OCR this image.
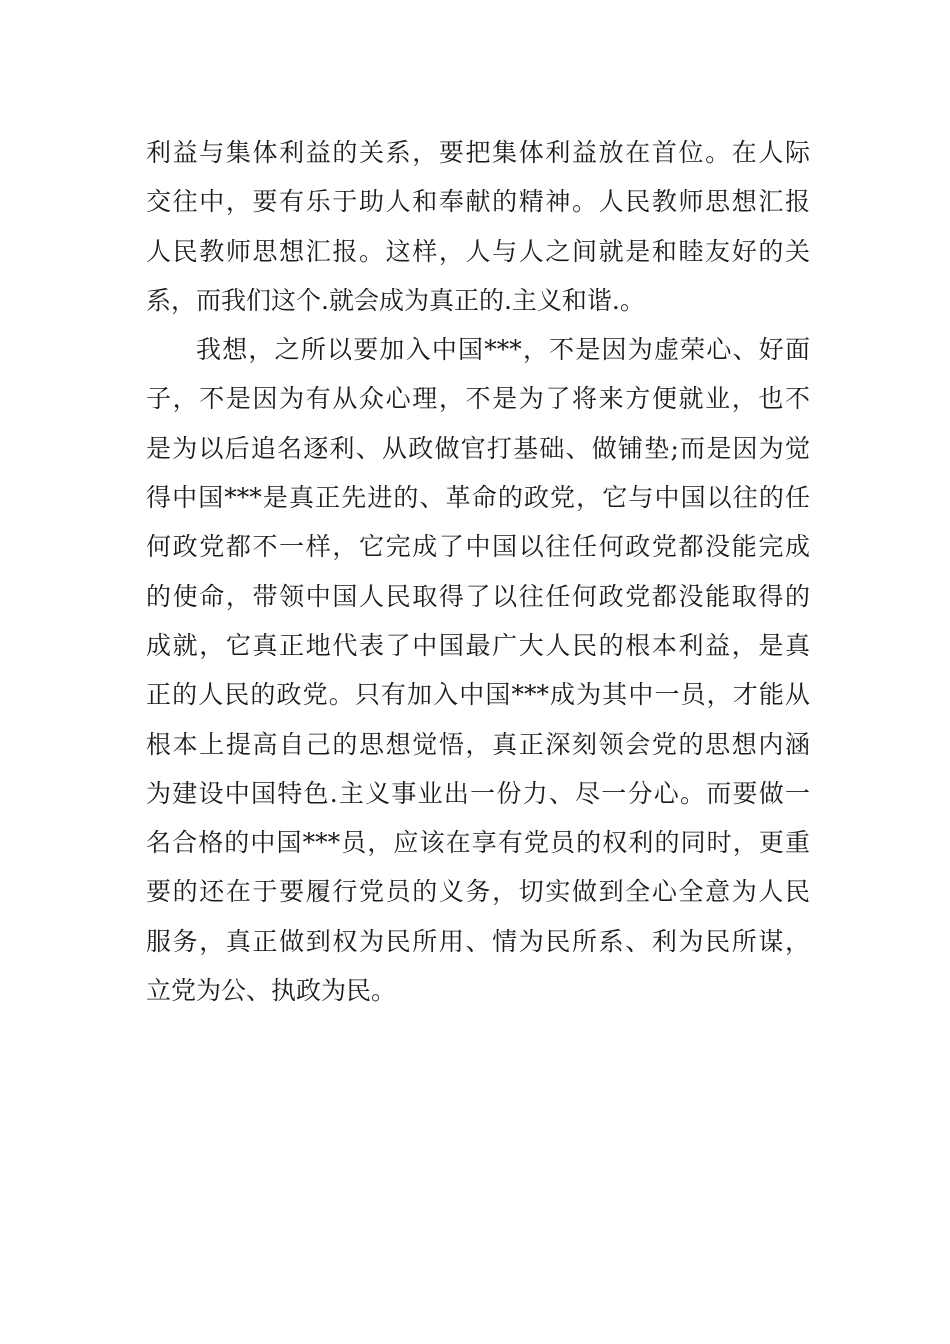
利益与集体利益的关系，要把集体利益放在首位。在人际
交往中，要有乐于助人和奉献的精神。人民教师思想汇报
人民教师思想汇报。这样，人与人之间就是和睦友好的关
系，而我们这个.就会成为真正的.主义和谐.。
我想，之所以要加入中国***，不是因为虚荣心、好面
子，不是因为有从众心理，不是为了将来方便就业，也不
是为以后追名逐利、从政做官打基础、做铺垫;而是因为觉
得中国***是真正先进的、革命的政党，它与中国以往的任
何政党都不一样，它完成了中国以往任何政党都没能完成
的使命，带领中国人民取得了以往任何政党都没能取得的
成就，它真正地代表了中国最广大人民的根本利益，是真
正的人民的政党。只有加入中国***成为其中一员，才能从
根本上提高自己的思想觉悟，真正深刻领会党的思想内涵
为建设中国特色.主义事业出一份力、尽一分心。而要做一
名合格的中国***员，应该在享有党员的权利的同时，更重
要的还在于要履行党员的义务，切实做到全心全意为人民
服务，真正做到权为民所用、情为民所系、利为民所谋，
立党为公、执政为民。
